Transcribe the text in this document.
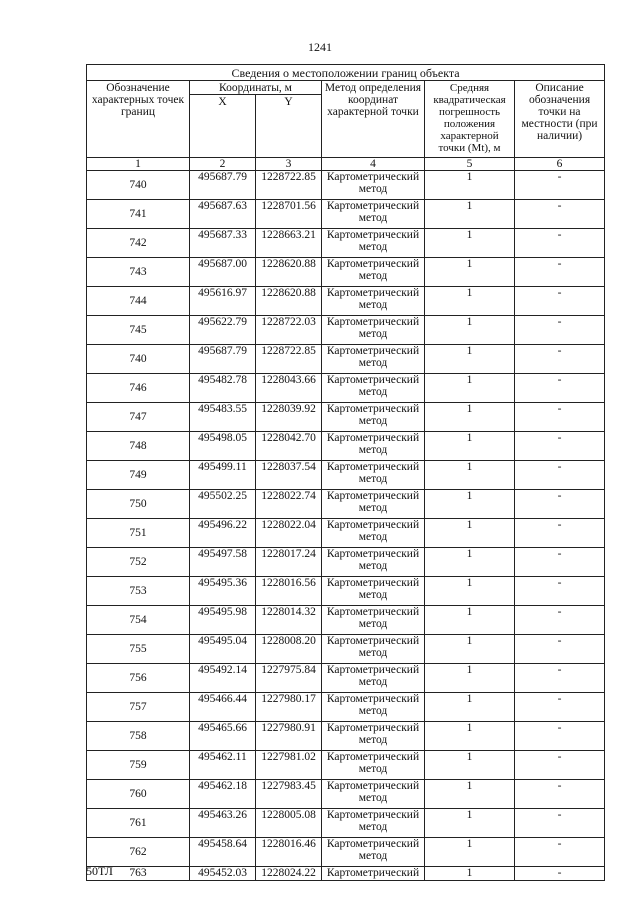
1241
Сведения о местоположении границ объекта					
Обозначение характерных точек границ	Координаты, м		Метод определения координат характерной точки	Средняя квадратическая погрешность положения характерной точки (Mt), м	Описание обозначения точки на местности (при наличии)
	X	Y			
1	2	3	4	5	6
740	495687.79	1228722.85	Картометрический метод	1	-
741	495687.63	1228701.56	Картометрический метод	1	-
742	495687.33	1228663.21	Картометрический метод	1	-
743	495687.00	1228620.88	Картометрический метод	1	-
744	495616.97	1228620.88	Картометрический метод	1	-
745	495622.79	1228722.03	Картометрический метод	1	-
740	495687.79	1228722.85	Картометрический метод	1	-
746	495482.78	1228043.66	Картометрический метод	1	-
747	495483.55	1228039.92	Картометрический метод	1	-
748	495498.05	1228042.70	Картометрический метод	1	-
749	495499.11	1228037.54	Картометрический метод	1	-
750	495502.25	1228022.74	Картометрический метод	1	-
751	495496.22	1228022.04	Картометрический метод	1	-
752	495497.58	1228017.24	Картометрический метод	1	-
753	495495.36	1228016.56	Картометрический метод	1	-
754	495495.98	1228014.32	Картометрический метод	1	-
755	495495.04	1228008.20	Картометрический метод	1	-
756	495492.14	1227975.84	Картометрический метод	1	-
757	495466.44	1227980.17	Картометрический метод	1	-
758	495465.66	1227980.91	Картометрический метод	1	-
759	495462.11	1227981.02	Картометрический метод	1	-
760	495462.18	1227983.45	Картометрический метод	1	-
761	495463.26	1228005.08	Картометрический метод	1	-
762	495458.64	1228016.46	Картометрический метод	1	-
763	495452.03	1228024.22	Картометрический	1	-
50ТЛ
